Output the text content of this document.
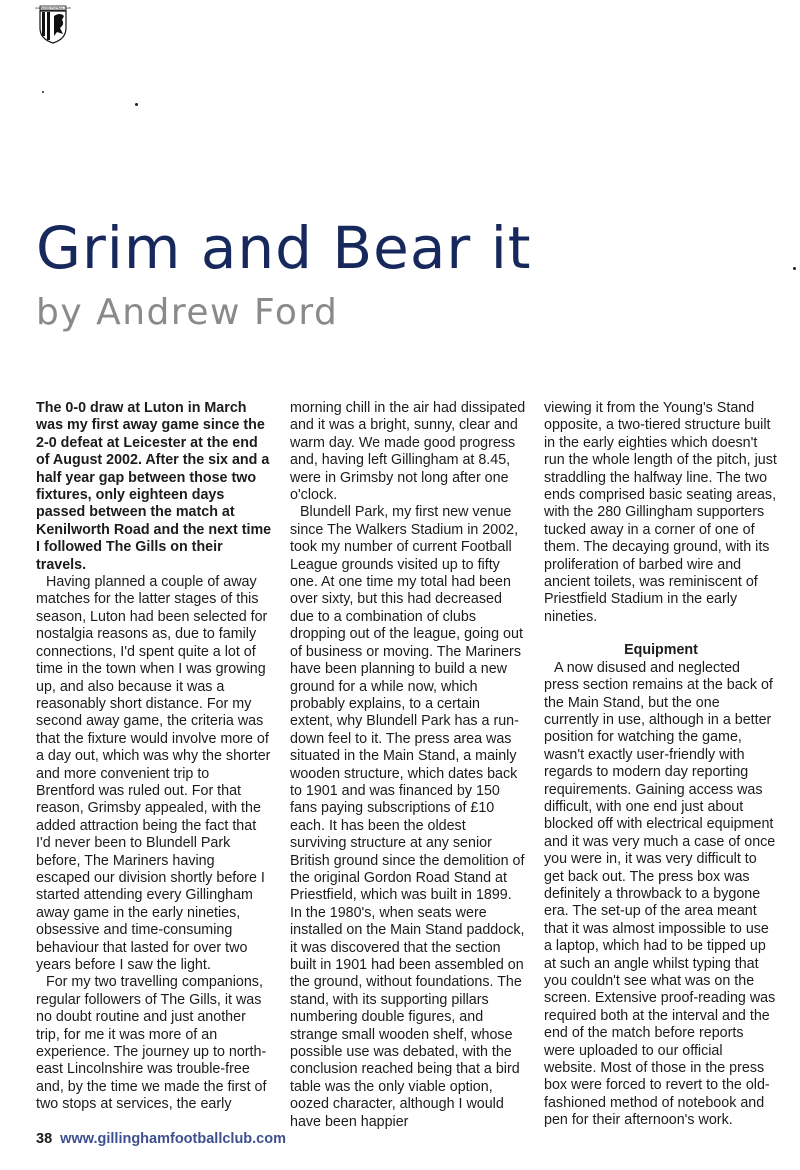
GILLINGHAM FOOTBALL CLUB
Grim and Bear it
by Andrew Ford

The 0-0 draw at Luton in March was my first away game since the 2-0 defeat at Leicester at the end of August 2002. After the six and a half year gap between those two fixtures, only eighteen days passed between the match at Kenilworth Road and the next time I followed The Gills on their travels.

Having planned a couple of away matches for the latter stages of this season, Luton had been selected for nostalgia reasons as, due to family connections, I'd spent quite a lot of time in the town when I was growing up, and also because it was a reasonably short distance. For my second away game, the criteria was that the fixture would involve more of a day out, which was why the shorter and more convenient trip to Brentford was ruled out. For that reason, Grimsby appealed, with the added attraction being the fact that I'd never been to Blundell Park before, The Mariners having escaped our division shortly before I started attending every Gillingham away game in the early nineties, obsessive and time-consuming behaviour that lasted for over two years before I saw the light.

For my two travelling companions, regular followers of The Gills, it was no doubt routine and just another trip, for me it was more of an experience. The journey up to north-east Lincolnshire was trouble-free and, by the time we made the first of two stops at services, the early

morning chill in the air had dissipated and it was a bright, sunny, clear and warm day. We made good progress and, having left Gillingham at 8.45, were in Grimsby not long after one o'clock.

Blundell Park, my first new venue since The Walkers Stadium in 2002, took my number of current Football League grounds visited up to fifty one. At one time my total had been over sixty, but this had decreased due to a combination of clubs dropping out of the league, going out of business or moving. The Mariners have been planning to build a new ground for a while now, which probably explains, to a certain extent, why Blundell Park has a run-down feel to it. The press area was situated in the Main Stand, a mainly wooden structure, which dates back to 1901 and was financed by 150 fans paying subscriptions of £10 each. It has been the oldest surviving structure at any senior British ground since the demolition of the original Gordon Road Stand at Priestfield, which was built in 1899. In the 1980's, when seats were installed on the Main Stand paddock, it was discovered that the section built in 1901 had been assembled on the ground, without foundations. The stand, with its supporting pillars numbering double figures, and strange small wooden shelf, whose possible use was debated, with the conclusion reached being that a bird table was the only viable option, oozed character, although I would have been happier

viewing it from the Young's Stand opposite, a two-tiered structure built in the early eighties which doesn't run the whole length of the pitch, just straddling the halfway line. The two ends comprised basic seating areas, with the 280 Gillingham supporters tucked away in a corner of one of them. The decaying ground, with its proliferation of barbed wire and ancient toilets, was reminiscent of Priestfield Stadium in the early nineties.

Equipment

A now disused and neglected press section remains at the back of the Main Stand, but the one currently in use, although in a better position for watching the game, wasn't exactly user-friendly with regards to modern day reporting requirements. Gaining access was difficult, with one end just about blocked off with electrical equipment and it was very much a case of once you were in, it was very difficult to get back out. The press box was definitely a throwback to a bygone era. The set-up of the area meant that it was almost impossible to use a laptop, which had to be tipped up at such an angle whilst typing that you couldn't see what was on the screen. Extensive proof-reading was required both at the interval and the end of the match before reports were uploaded to our official website. Most of those in the press box were forced to revert to the old-fashioned method of notebook and pen for their afternoon's work.

38 www.gillinghamfootballclub.com
